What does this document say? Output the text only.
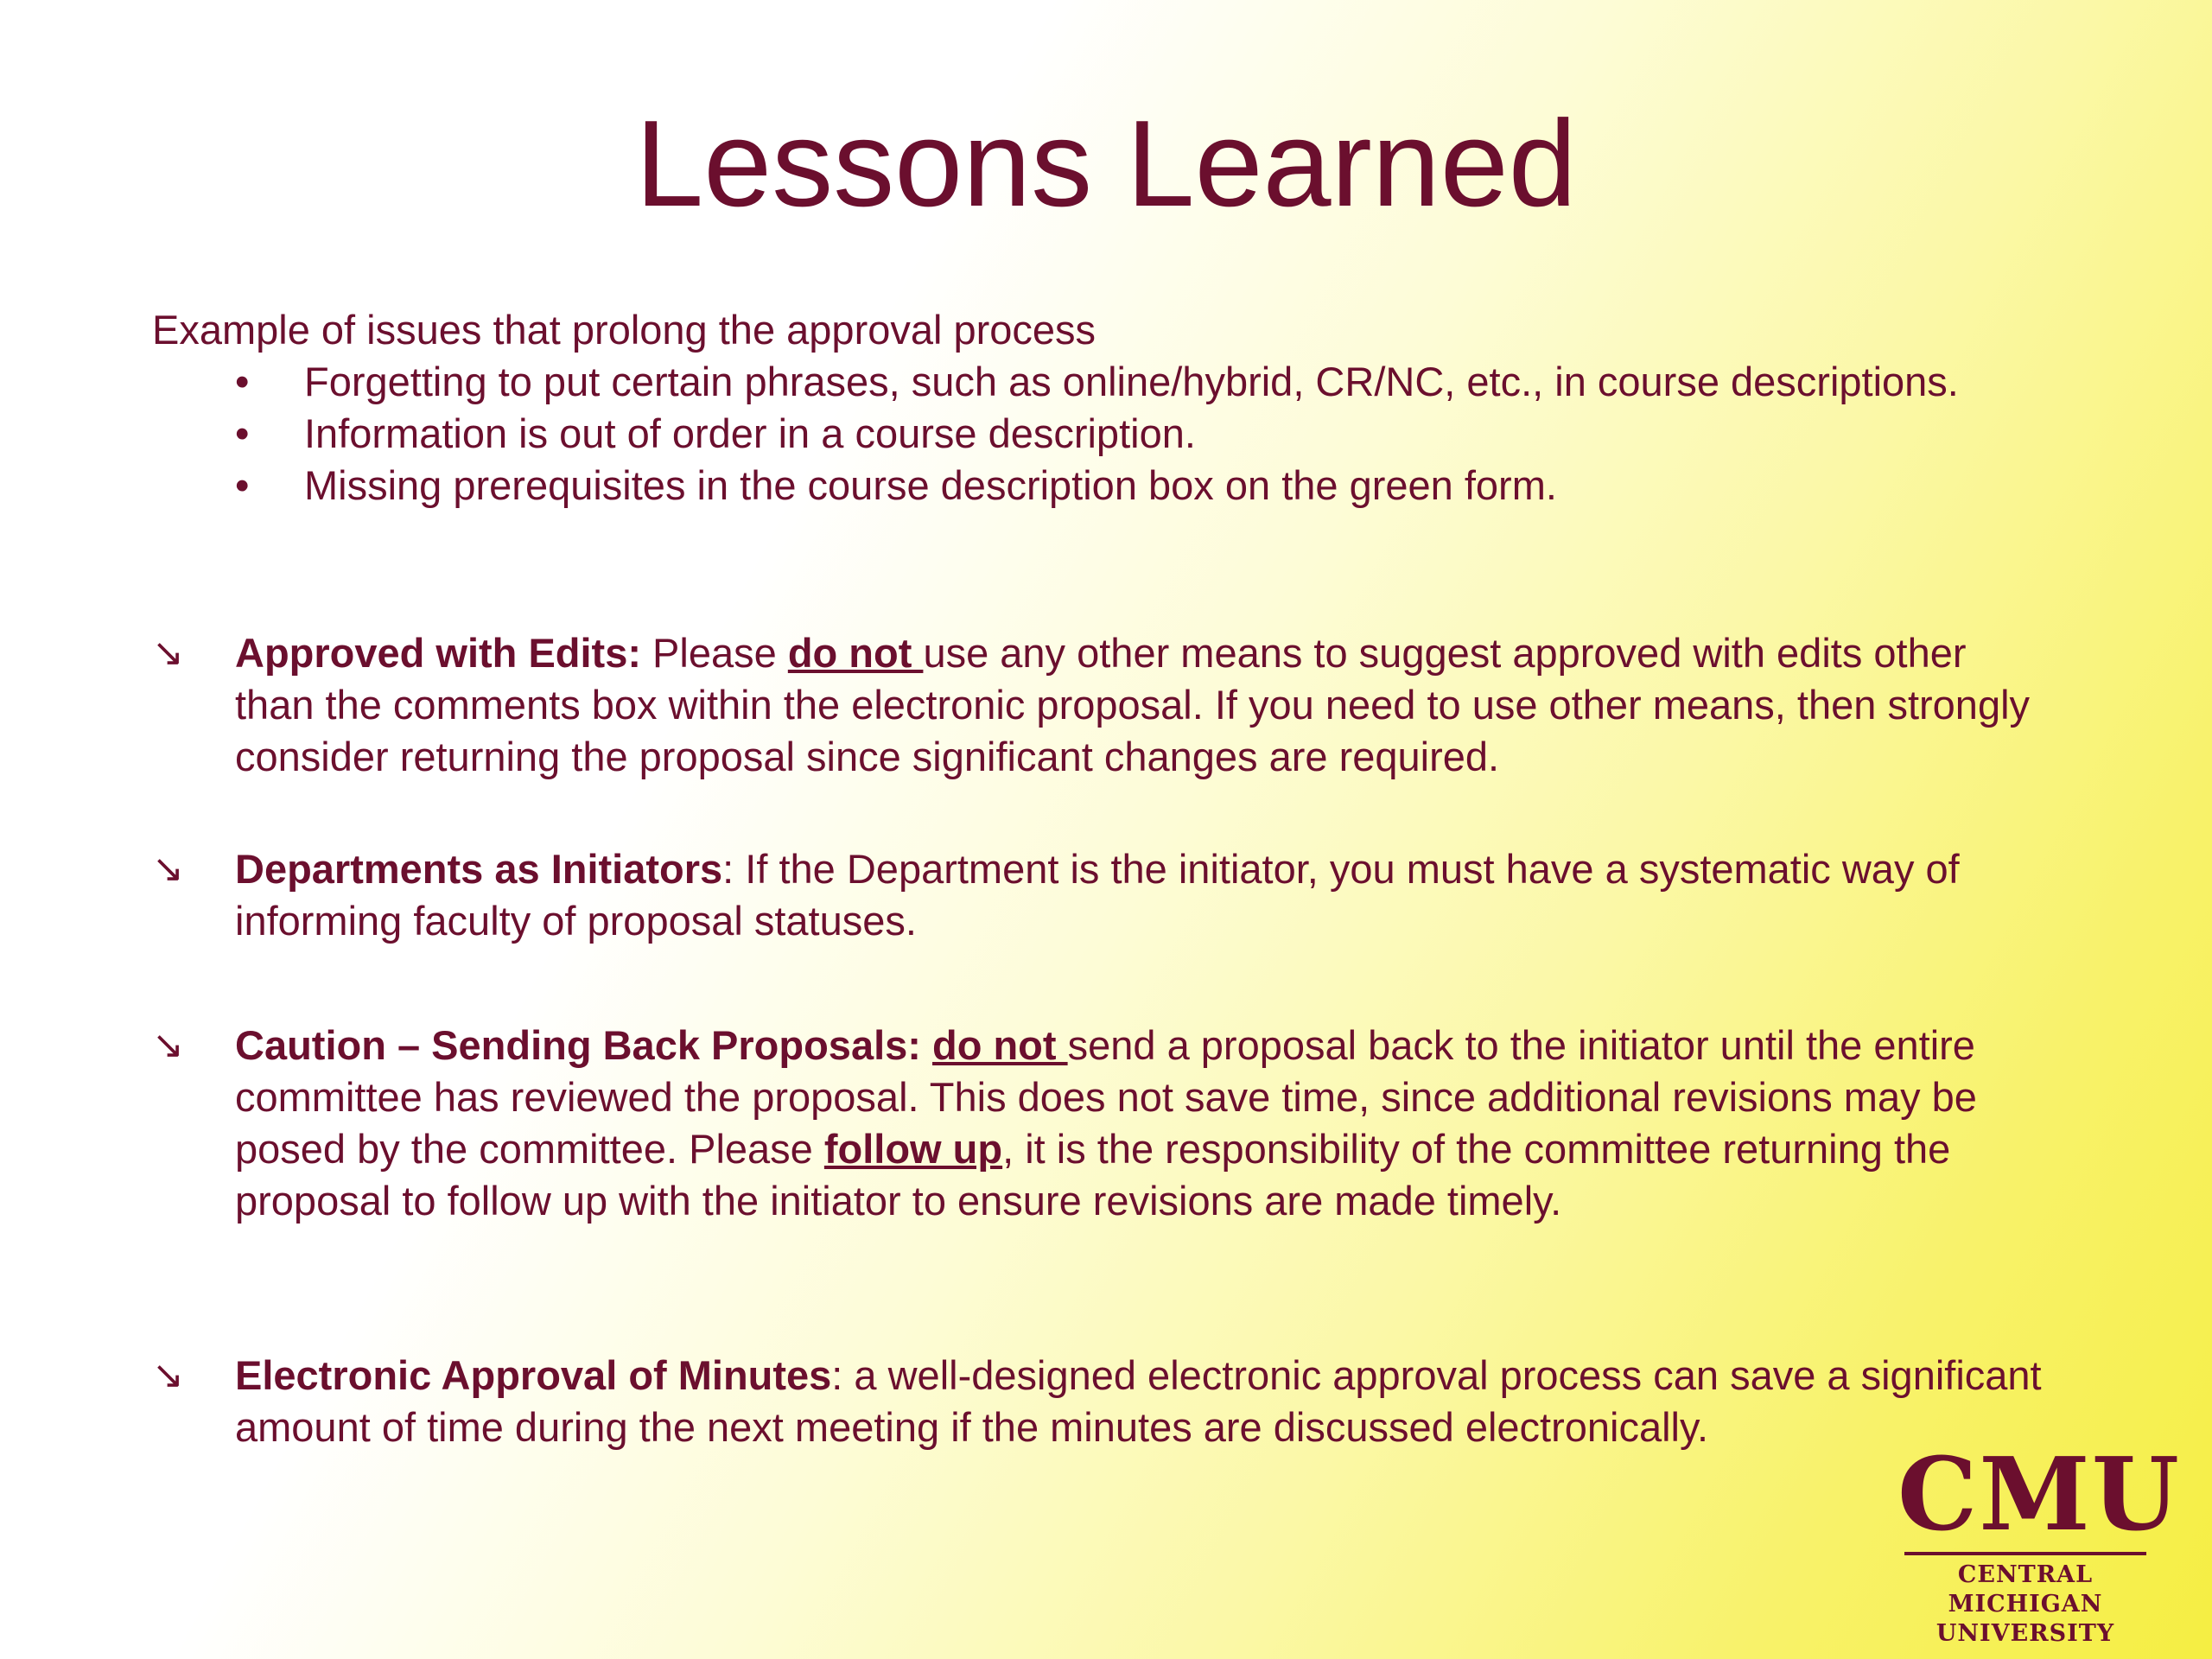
Lessons Learned
Example of issues that prolong the approval process
• Forgetting to put certain phrases, such as online/hybrid, CR/NC, etc., in course descriptions.
• Information is out of order in a course description.
• Missing prerequisites in the course description box on the green form.
↘	Approved with Edits: Please do not use any other means to suggest approved with edits other than the comments box within the electronic proposal. If you need to use other means, then strongly consider returning the proposal since significant changes are required.
↘	Departments as Initiators: If the Department is the initiator, you must have a systematic way of informing faculty of proposal statuses.
↘	Caution – Sending Back Proposals: do not send a proposal back to the initiator until the entire committee has reviewed the proposal. This does not save time, since additional revisions may be posed by the committee. Please follow up, it is the responsibility of the committee returning the proposal to follow up with the initiator to ensure revisions are made timely.
↘	Electronic Approval of Minutes: a well-designed electronic approval process can save a significant amount of time during the next meeting if the minutes are discussed electronically.
CMU
CENTRAL MICHIGAN
UNIVERSITY
